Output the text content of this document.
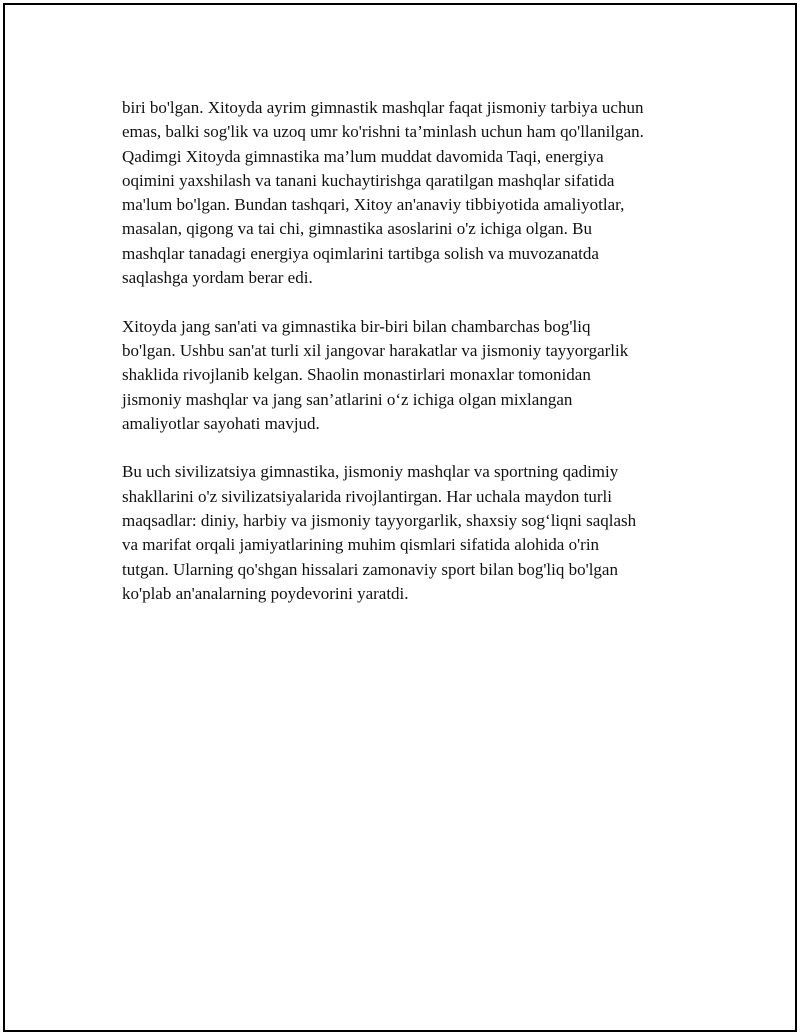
biri bo'lgan. Xitoyda ayrim gimnastik mashqlar faqat jismoniy tarbiya uchun
emas, balki sog'lik va uzoq umr ko'rishni ta’minlash uchun ham qo'llanilgan.
Qadimgi Xitoyda gimnastika ma’lum muddat davomida Taqi, energiya
oqimini yaxshilash va tanani kuchaytirishga qaratilgan mashqlar sifatida
ma'lum bo'lgan. Bundan tashqari, Xitoy an'anaviy tibbiyotida amaliyotlar,
masalan, qigong va tai chi, gimnastika asoslarini o'z ichiga olgan. Bu
mashqlar tanadagi energiya oqimlarini tartibga solish va muvozanatda
saqlashga yordam berar edi.

Xitoyda jang san'ati va gimnastika bir-biri bilan chambarchas bog'liq
bo'lgan. Ushbu san'at turli xil jangovar harakatlar va jismoniy tayyorgarlik
shaklida rivojlanib kelgan. Shaolin monastirlari monaxlar tomonidan
jismoniy mashqlar va jang san’atlarini o‘z ichiga olgan mixlangan
amaliyotlar sayohati mavjud.

Bu uch sivilizatsiya gimnastika, jismoniy mashqlar va sportning qadimiy
shakllarini o'z sivilizatsiyalarida rivojlantirgan. Har uchala maydon turli
maqsadlar: diniy, harbiy va jismoniy tayyorgarlik, shaxsiy sog‘liqni saqlash
va marifat orqali jamiyatlarining muhim qismlari sifatida alohida o'rin
tutgan. Ularning qo'shgan hissalari zamonaviy sport bilan bog'liq bo'lgan
ko'plab an'analarning poydevorini yaratdi.
